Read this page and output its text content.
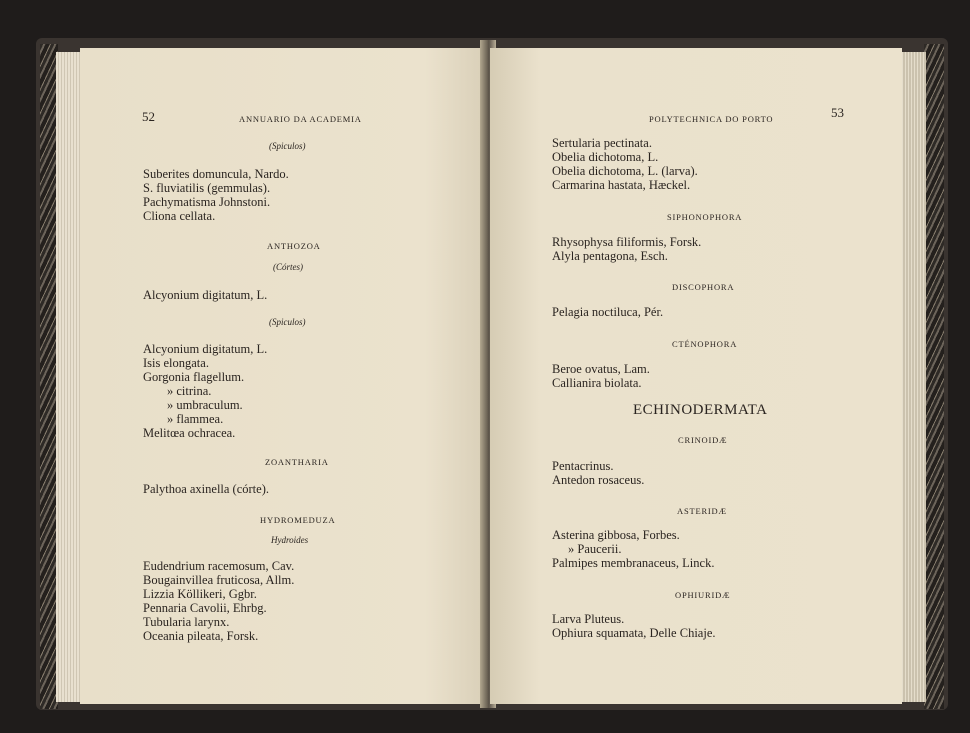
52	ANNUARIO DA ACADEMIA
(Spiculos)
Suberites domuncula, Nardo.
S. fluviatilis (gemmulas).
Pachymatisma Johnstoni.
Cliona cellata.
ANTHOZOA
(Córtes)
Alcyonium digitatum, L.
(Spiculos)
Alcyonium digitatum, L.
Isis elongata.
Gorgonia flagellum.
» citrina.
» umbraculum.
» flammea.
Melitœa ochracea.
ZOANTHARIA
Palythoa axinella (córte).
HYDROMEDUZA
Hydroides
Eudendrium racemosum, Cav.
Bougainvillea fruticosa, Allm.
Lizzia Köllikeri, Ggbr.
Pennaria Cavolii, Ehrbg.
Tubularia larynx.
Oceania pileata, Forsk.
POLYTECHNICA DO PORTO	53
Sertularia pectinata.
Obelia dichotoma, L.
Obelia dichotoma, L. (larva).
Carmarina hastata, Hæckel.
SIPHONOPHORA
Rhysophysa filiformis, Forsk.
Alyla pentagona, Esch.
DISCOPHORA
Pelagia noctiluca, Pér.
CTÉNOPHORA
Beroe ovatus, Lam.
Callianira biolata.
ECHINODERMATA
CRINOIDÆ
Pentacrinus.
Antedon rosaceus.
ASTERIDÆ
Asterina gibbosa, Forbes.
» Paucerii.
Palmipes membranaceus, Linck.
OPHIURIDÆ
Larva Pluteus.
Ophiura squamata, Delle Chiaje.
